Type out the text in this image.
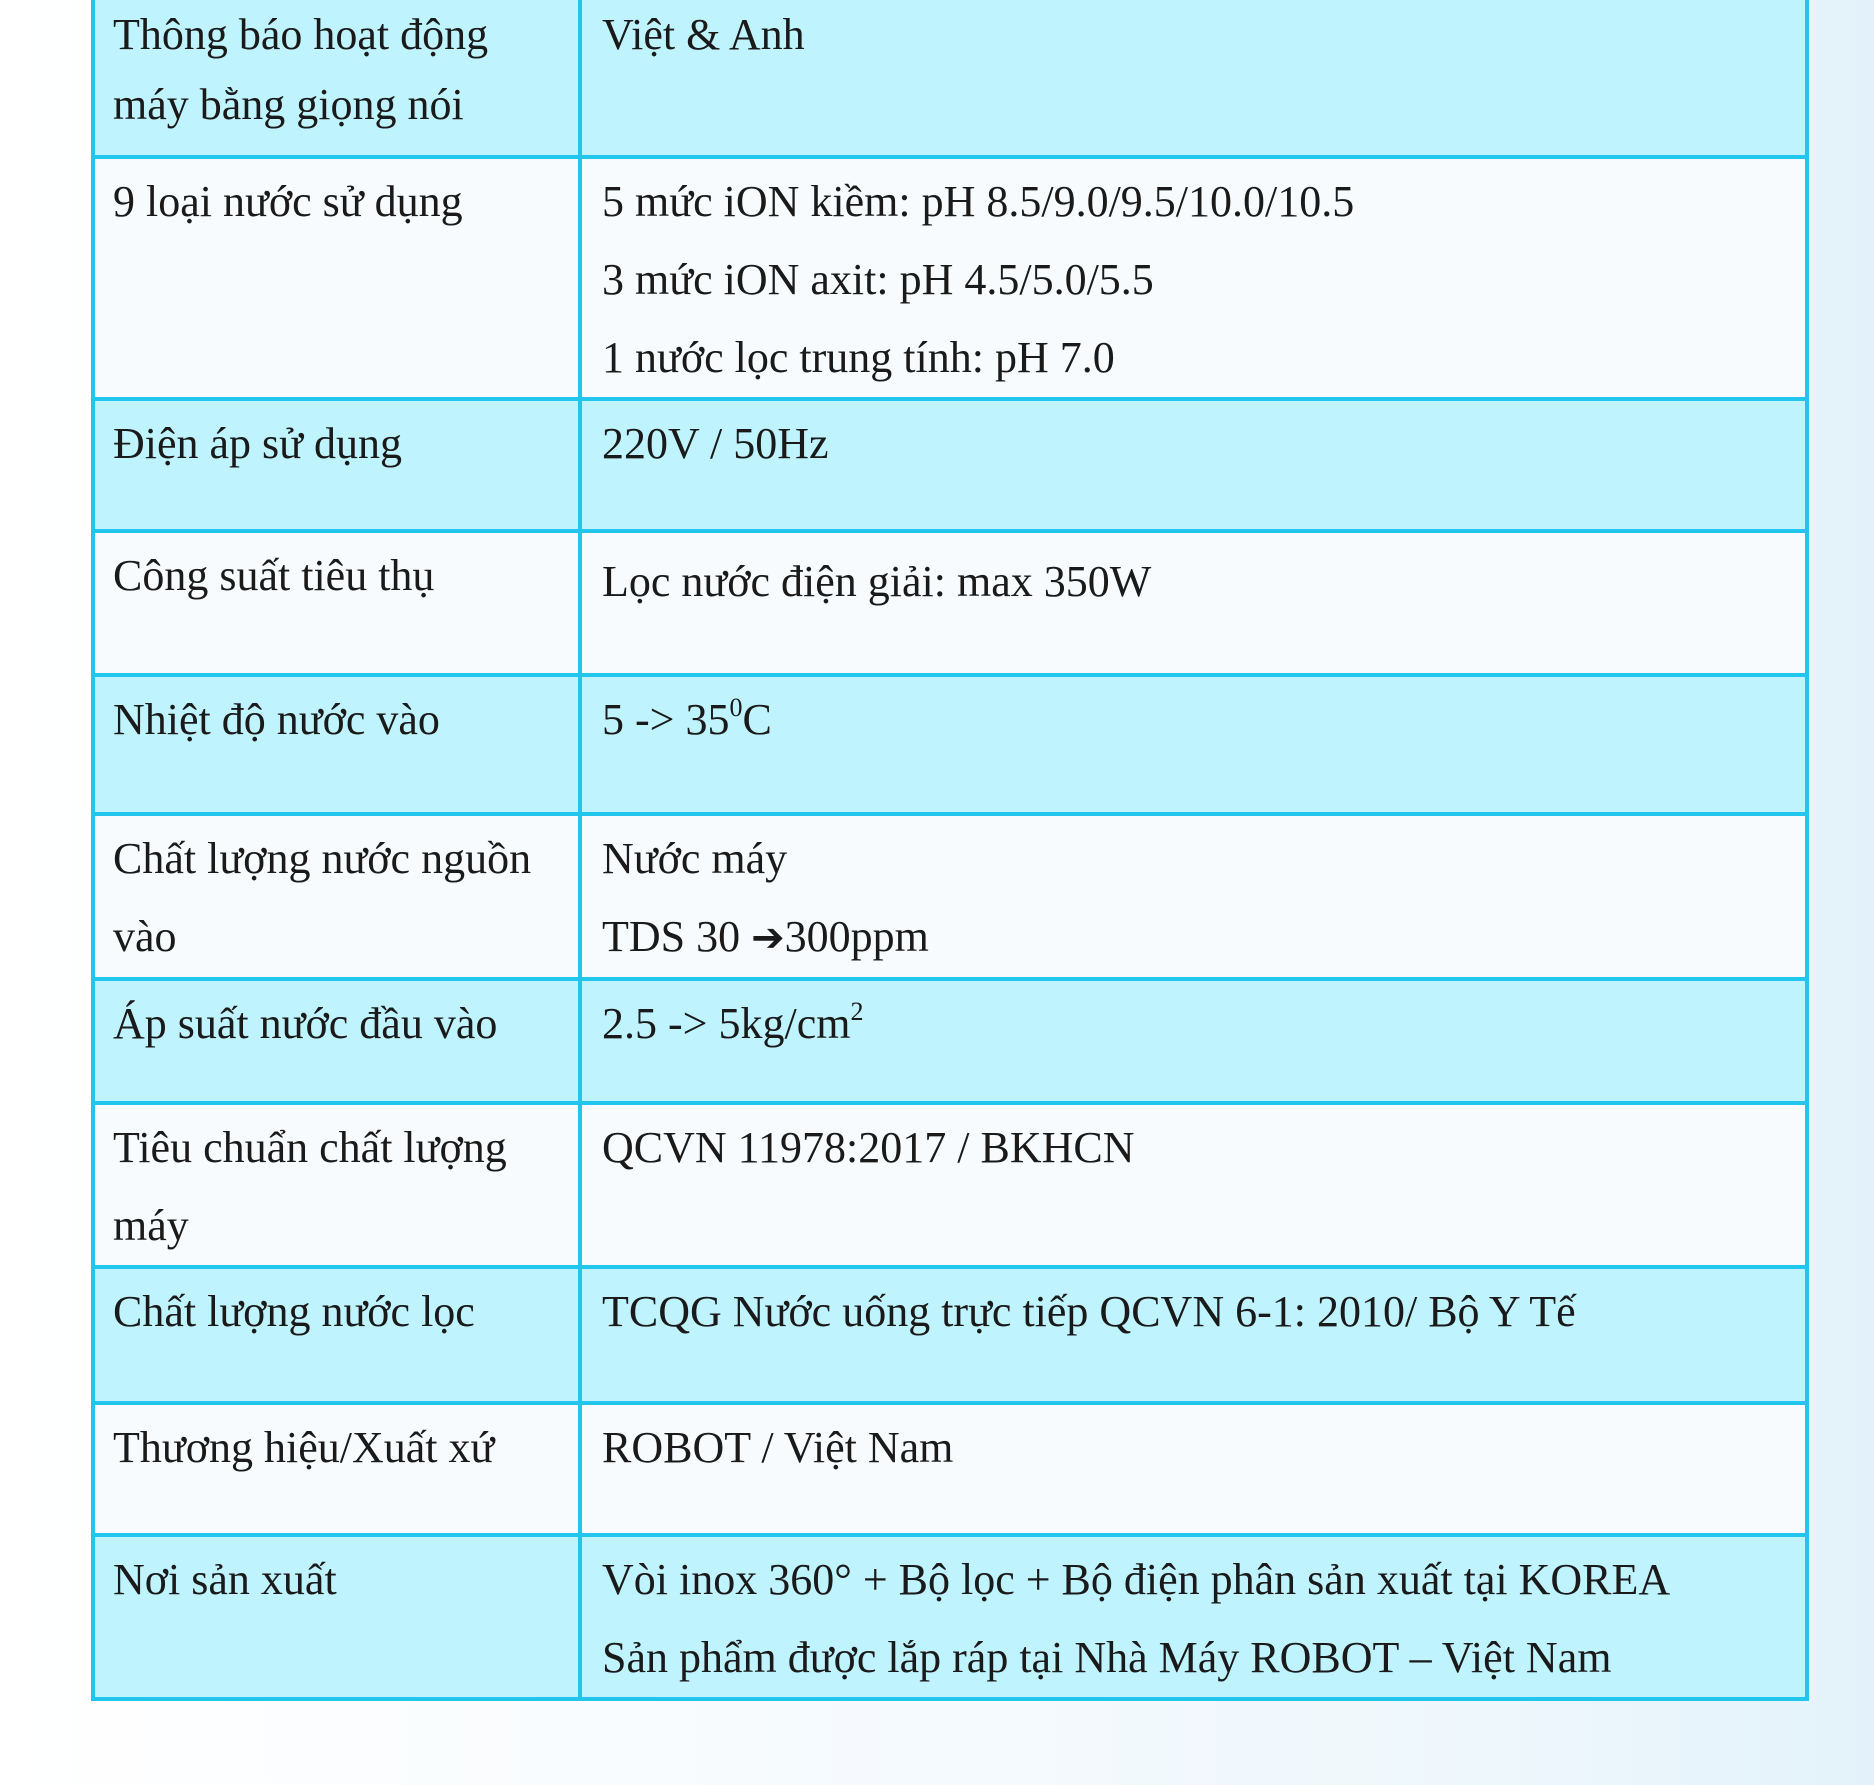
Thông báo hoạt động
máy bằng giọng nói	Việt & Anh

9 loại nước sử dụng	5 mức iON kiềm: pH 8.5/9.0/9.5/10.0/10.5
3 mức iON axit: pH 4.5/5.0/5.5
1 nước lọc trung tính: pH 7.0

Điện áp sử dụng	220V / 50Hz

Công suất tiêu thụ	Lọc nước điện giải: max 350W

Nhiệt độ nước vào	$5 -> 35^0C$

Chất lượng nước nguồn
vào	Nước máy
TDS 30 ➔300ppm

Áp suất nước đầu vào	$2.5 -> 5kg/cm^2$

Tiêu chuẩn chất lượng
máy	QCVN 11978:2017 / BKHCN

Chất lượng nước lọc	TCQG Nước uống trực tiếp QCVN 6-1: 2010/ Bộ Y Tế

Thương hiệu/Xuất xứ	ROBOT / Việt Nam

Nơi sản xuất	Vòi inox 360° + Bộ lọc + Bộ điện phân sản xuất tại KOREA
Sản phẩm được lắp ráp tại Nhà Máy ROBOT – Việt Nam
